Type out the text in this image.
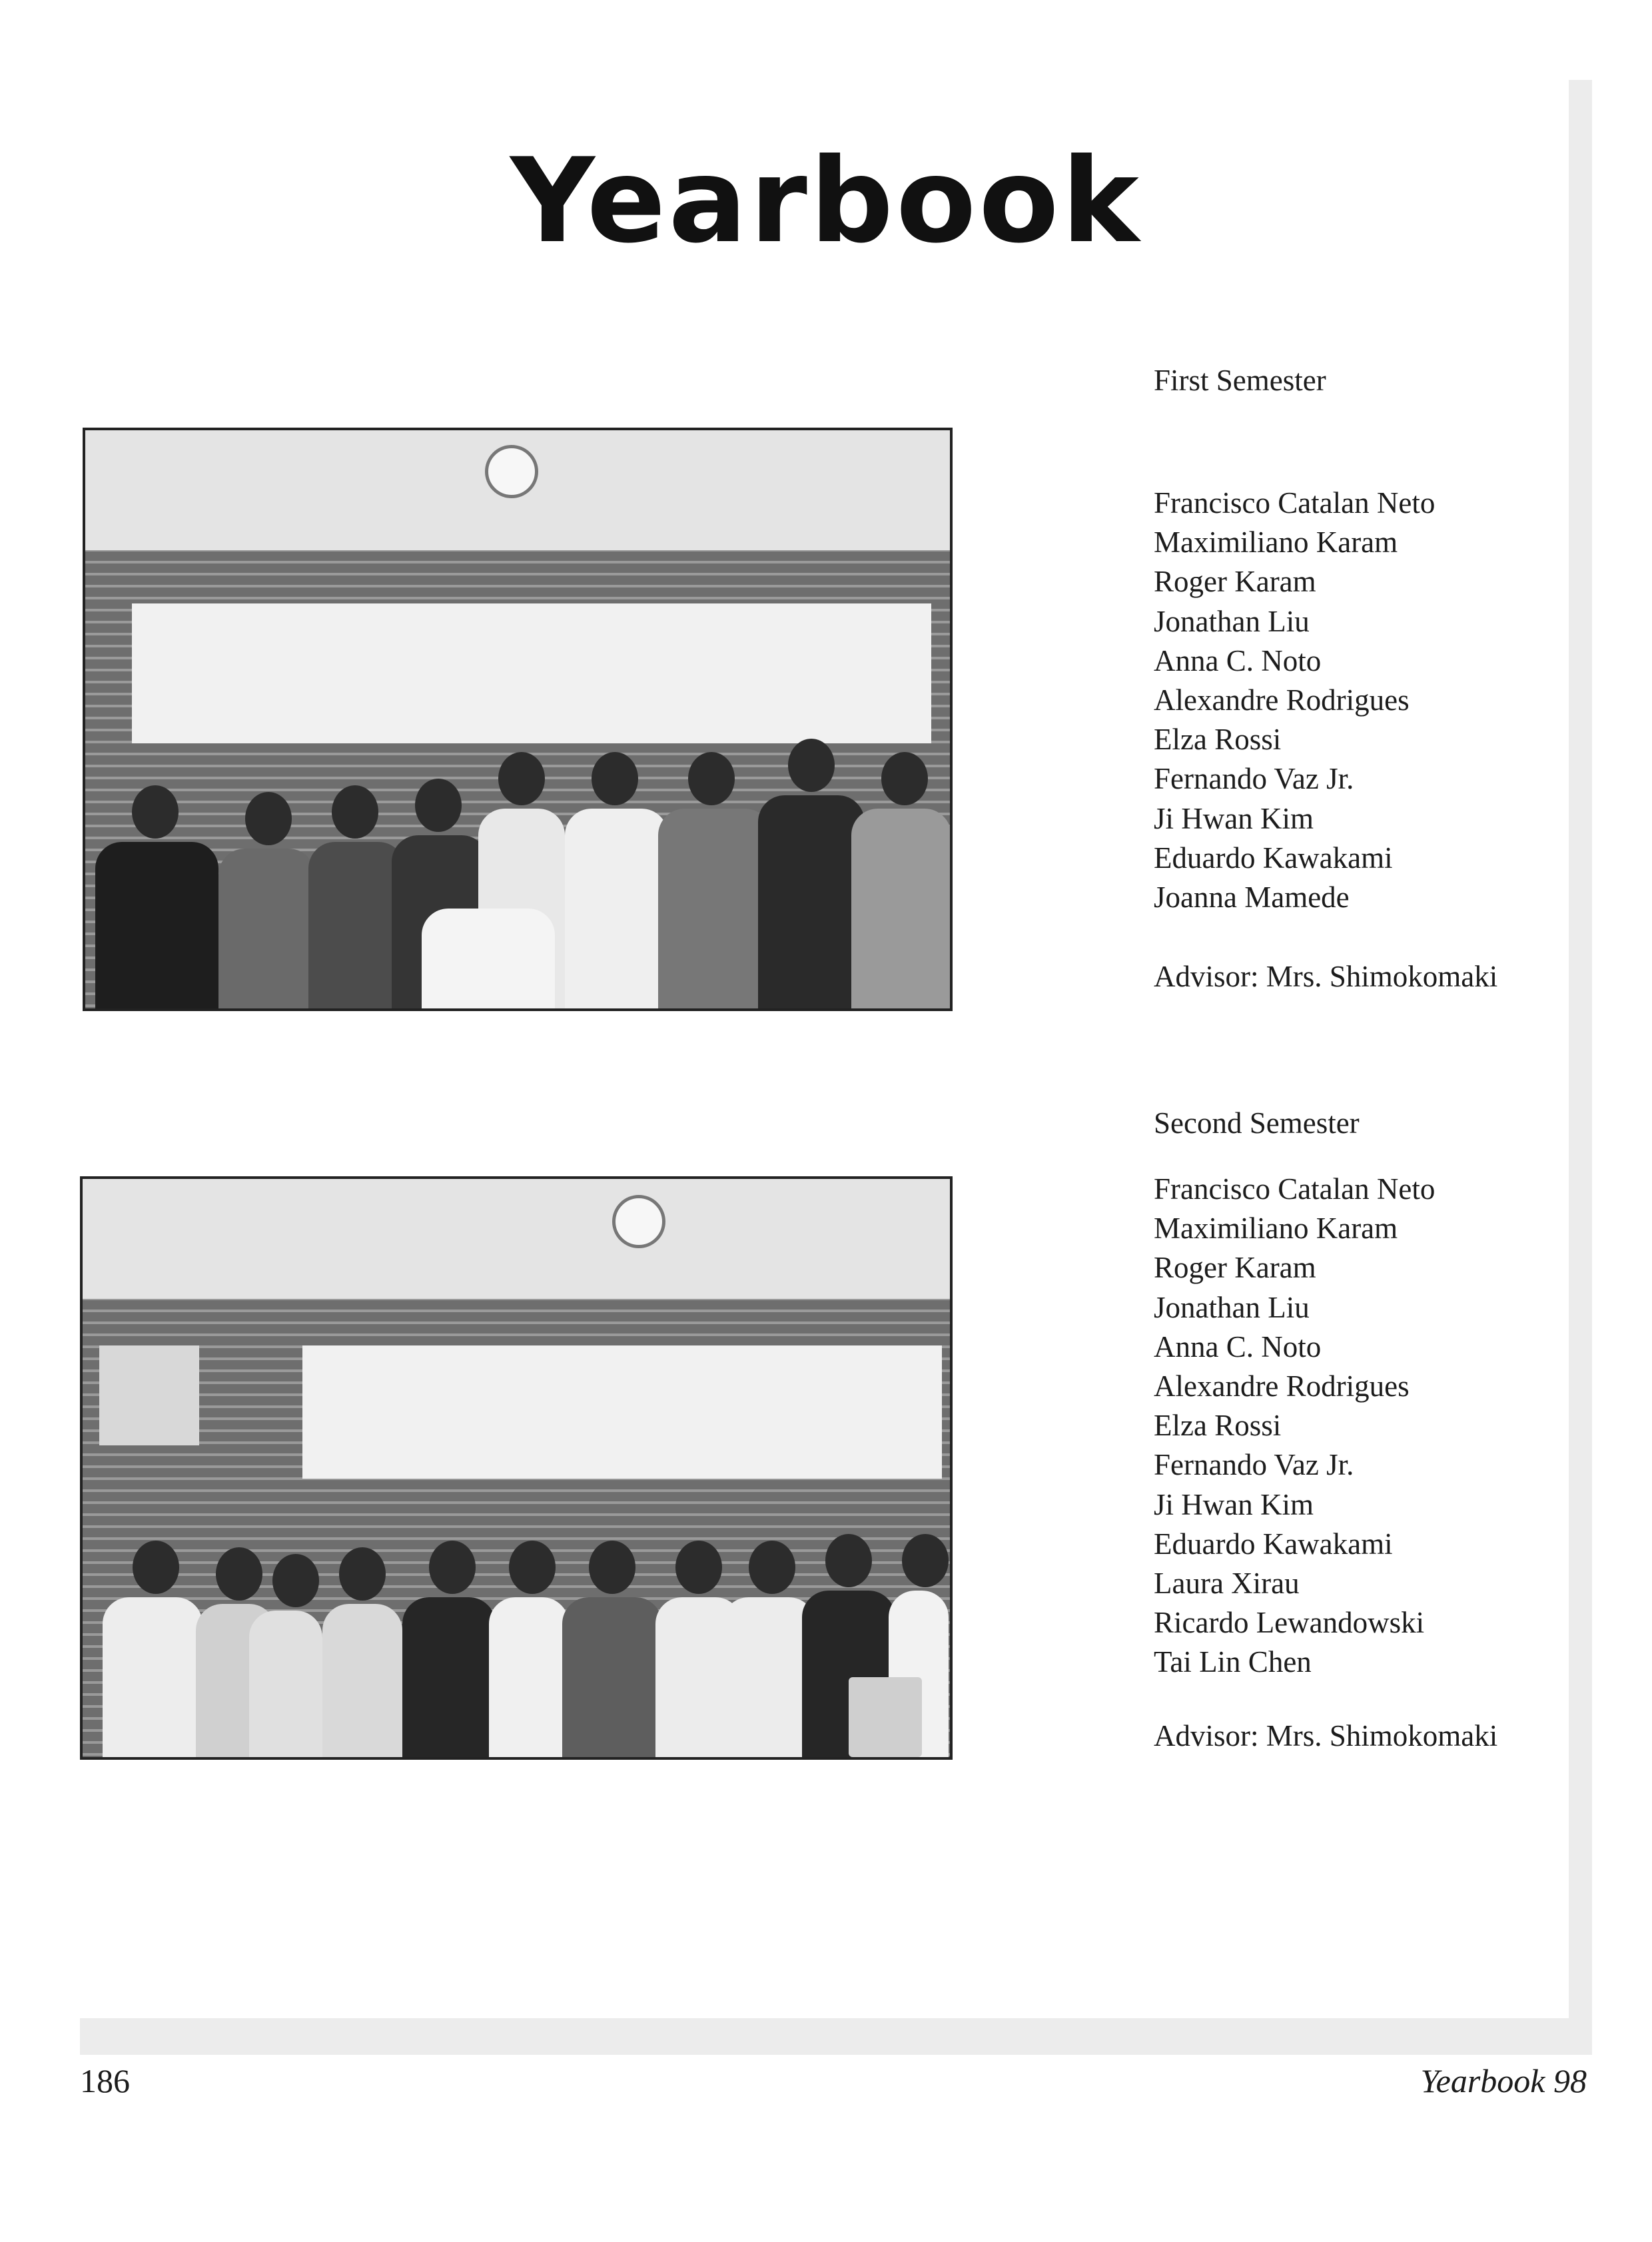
Yearbook
First Semester
Francisco Catalan Neto
Maximiliano Karam
Roger Karam
Jonathan Liu
Anna C. Noto
Alexandre Rodrigues
Elza Rossi
Fernando Vaz Jr.
Ji Hwan Kim
Eduardo Kawakami
Joanna Mamede
Advisor: Mrs. Shimokomaki
Second Semester
Francisco Catalan Neto
Maximiliano Karam
Roger Karam
Jonathan Liu
Anna C. Noto
Alexandre Rodrigues
Elza Rossi
Fernando Vaz Jr.
Ji Hwan Kim
Eduardo Kawakami
Laura Xirau
Ricardo Lewandowski
Tai Lin Chen
Advisor: Mrs. Shimokomaki
186	Yearbook 98
